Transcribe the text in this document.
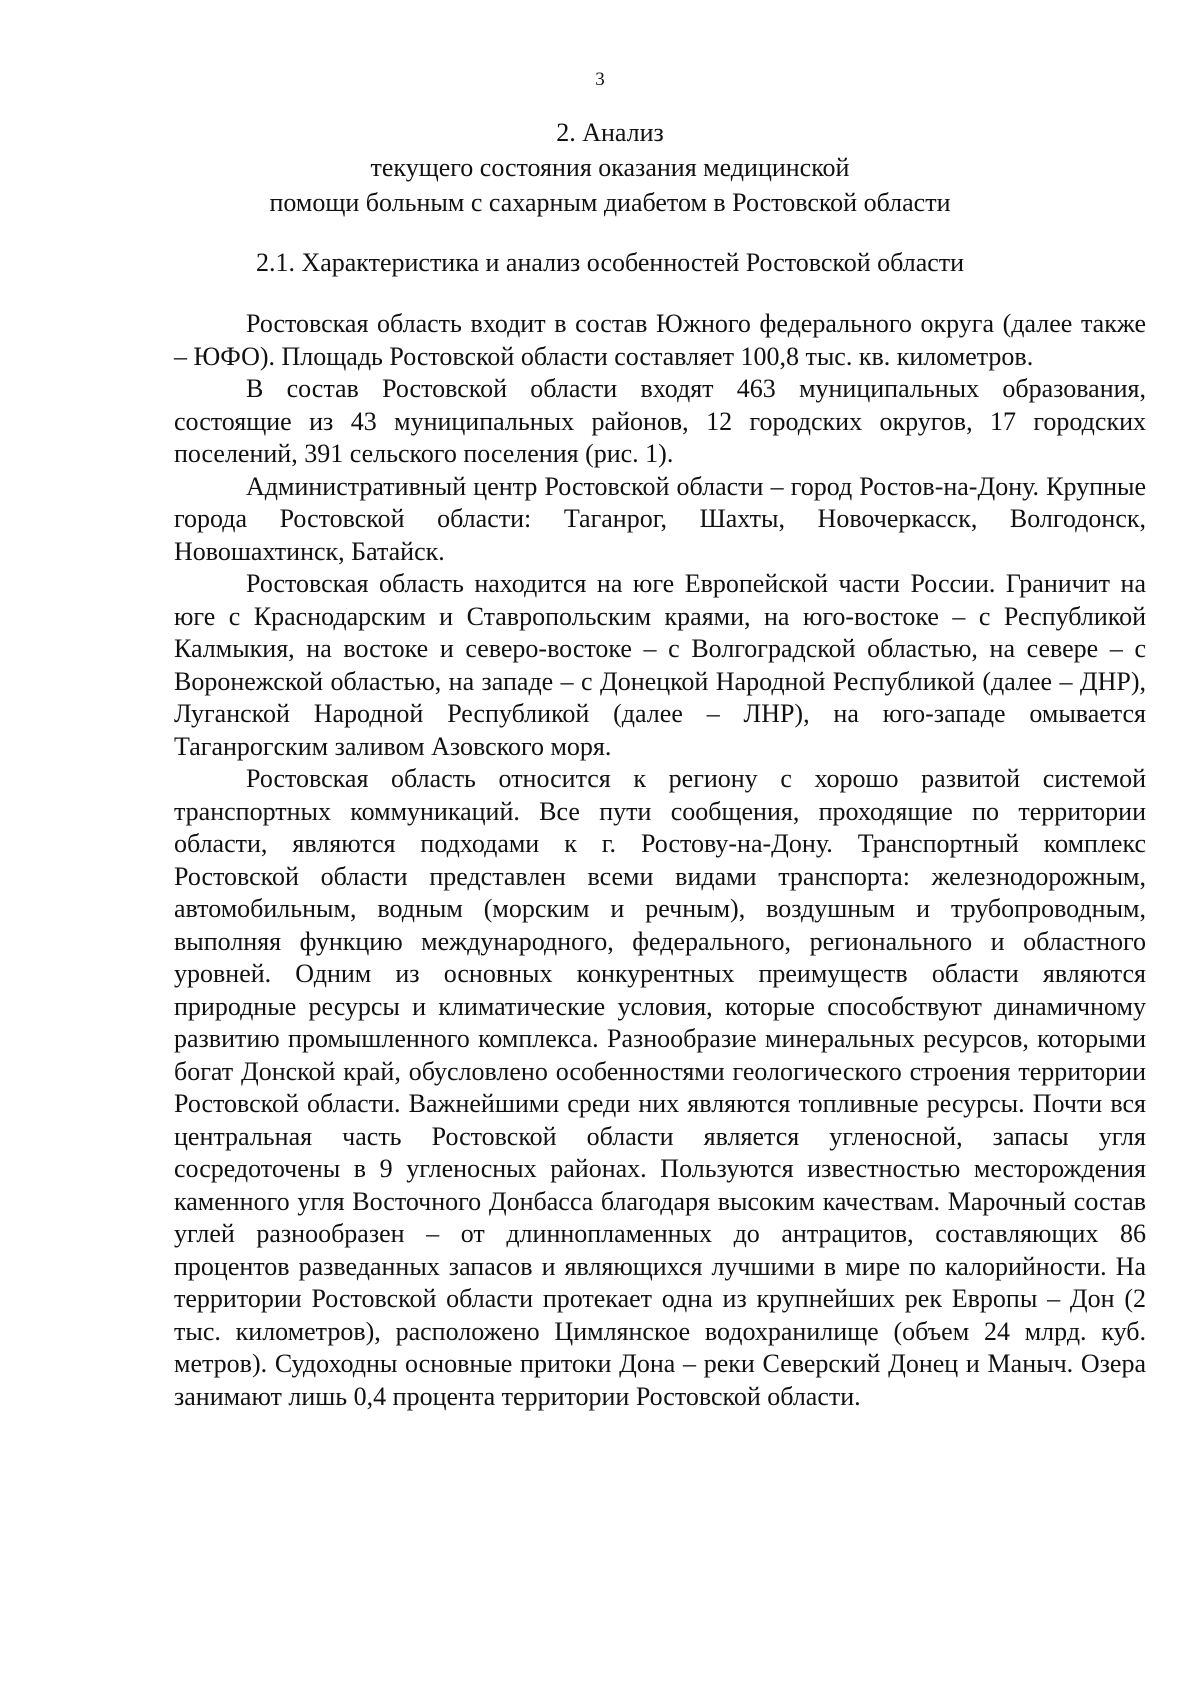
3
2. Анализ
текущего состояния оказания медицинской
помощи больным с сахарным диабетом в Ростовской области
2.1. Характеристика и анализ особенностей Ростовской области

Ростовская область входит в состав Южного федерального округа (далее также – ЮФО). Площадь Ростовской области составляет 100,8 тыс. кв. километров.

В состав Ростовской области входят 463 муниципальных образования, состоящие из 43 муниципальных районов, 12 городских округов, 17 городских поселений, 391 сельского поселения (рис. 1).

Административный центр Ростовской области – город Ростов-на-Дону. Крупные города Ростовской области: Таганрог, Шахты, Новочеркасск, Волгодонск, Новошахтинск, Батайск.

Ростовская область находится на юге Европейской части России. Граничит на юге с Краснодарским и Ставропольским краями, на юго-востоке – с Республикой Калмыкия, на востоке и северо-востоке – с Волгоградской областью, на севере – с Воронежской областью, на западе – с Донецкой Народной Республикой (далее – ДНР), Луганской Народной Республикой (далее – ЛНР), на юго-западе омывается Таганрогским заливом Азовского моря.

Ростовская область относится к региону с хорошо развитой системой транспортных коммуникаций. Все пути сообщения, проходящие по территории области, являются подходами к г. Ростову-на-Дону. Транспортный комплекс Ростовской области представлен всеми видами транспорта: железнодорожным, автомобильным, водным (морским и речным), воздушным и трубопроводным, выполняя функцию международного, федерального, регионального и областного уровней. Одним из основных конкурентных преимуществ области являются природные ресурсы и климатические условия, которые способствуют динамичному развитию промышленного комплекса. Разнообразие минеральных ресурсов, которыми богат Донской край, обусловлено особенностями геологического строения территории Ростовской области. Важнейшими среди них являются топливные ресурсы. Почти вся центральная часть Ростовской области является угленосной, запасы угля сосредоточены в 9 угленосных районах. Пользуются известностью месторождения каменного угля Восточного Донбасса благодаря высоким качествам. Марочный состав углей разнообразен – от длиннопламенных до антрацитов, составляющих 86 процентов разведанных запасов и являющихся лучшими в мире по калорийности. На территории Ростовской области протекает одна из крупнейших рек Европы – Дон (2 тыс. километров), расположено Цимлянское водохранилище (объем 24 млрд. куб. метров). Судоходны основные притоки Дона – реки Северский Донец и Маныч. Озера занимают лишь 0,4 процента территории Ростовской области.
